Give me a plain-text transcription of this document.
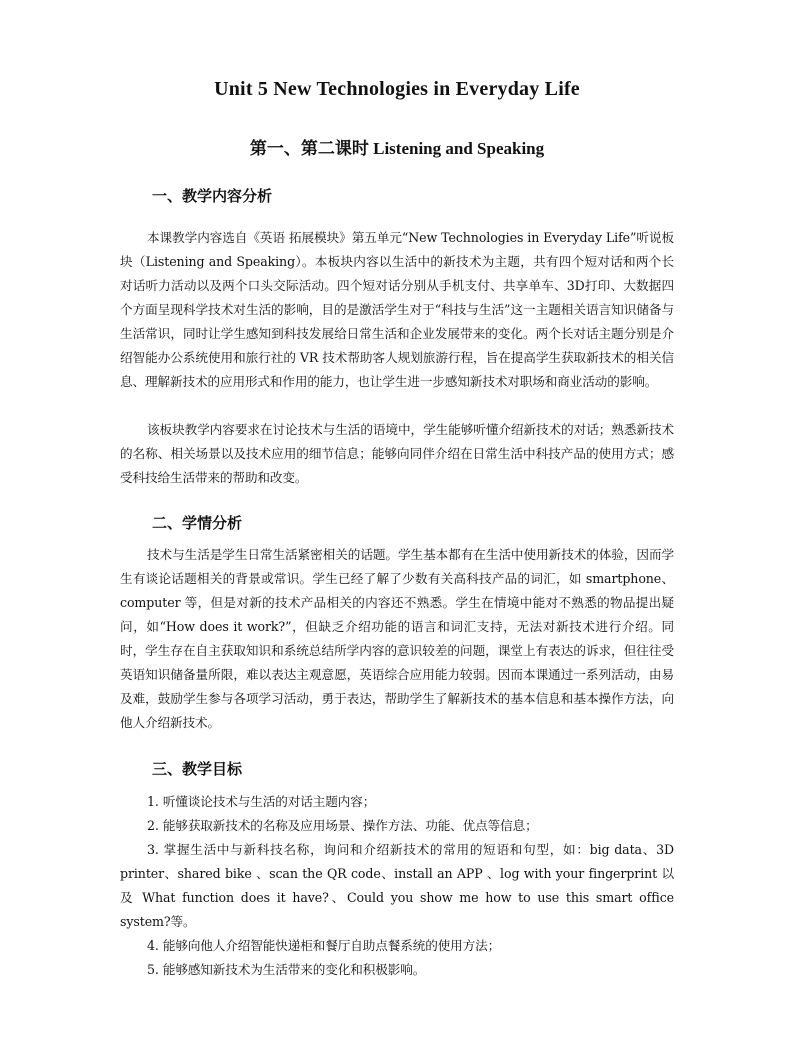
Unit 5 New Technologies in Everyday Life
第一、第二课时 Listening and Speaking
一、教学内容分析

本课教学内容选自《英语 拓展模块》第五单元“New Technologies in Everyday Life”听说板块（Listening and Speaking）。本板块内容以生活中的新技术为主题，共有四个短对话和两个长对话听力活动以及两个口头交际活动。四个短对话分别从手机支付、共享单车、3D打印、大数据四个方面呈现科学技术对生活的影响，目的是激活学生对于“科技与生活”这一主题相关语言知识储备与生活常识，同时让学生感知到科技发展给日常生活和企业发展带来的变化。两个长对话主题分别是介绍智能办公系统使用和旅行社的 VR 技术帮助客人规划旅游行程，旨在提高学生获取新技术的相关信息、理解新技术的应用形式和作用的能力，也让学生进一步感知新技术对职场和商业活动的影响。

该板块教学内容要求在讨论技术与生活的语境中，学生能够听懂介绍新技术的对话；熟悉新技术的名称、相关场景以及技术应用的细节信息；能够向同伴介绍在日常生活中科技产品的使用方式；感受科技给生活带来的帮助和改变。

二、学情分析

技术与生活是学生日常生活紧密相关的话题。学生基本都有在生活中使用新技术的体验，因而学生有谈论话题相关的背景或常识。学生已经了解了少数有关高科技产品的词汇，如 smartphone、computer 等，但是对新的技术产品相关的内容还不熟悉。学生在情境中能对不熟悉的物品提出疑问，如“How does it work?”，但缺乏介绍功能的语言和词汇支持，无法对新技术进行介绍。同时，学生存在自主获取知识和系统总结所学内容的意识较差的问题，课堂上有表达的诉求，但往往受英语知识储备量所限，难以表达主观意愿，英语综合应用能力较弱。因而本课通过一系列活动，由易及难，鼓励学生参与各项学习活动，勇于表达，帮助学生了解新技术的基本信息和基本操作方法，向他人介绍新技术。

三、教学目标
1. 听懂谈论技术与生活的对话主题内容；
2. 能够获取新技术的名称及应用场景、操作方法、功能、优点等信息；
3. 掌握生活中与新科技名称，询问和介绍新技术的常用的短语和句型，如：big data、3D printer、shared bike 、scan the QR code、install an APP 、log with your fingerprint 以及 What function does it have?、Could you show me how to use this smart office system?等。
4. 能够向他人介绍智能快递柜和餐厅自助点餐系统的使用方法；
5. 能够感知新技术为生活带来的变化和积极影响。
